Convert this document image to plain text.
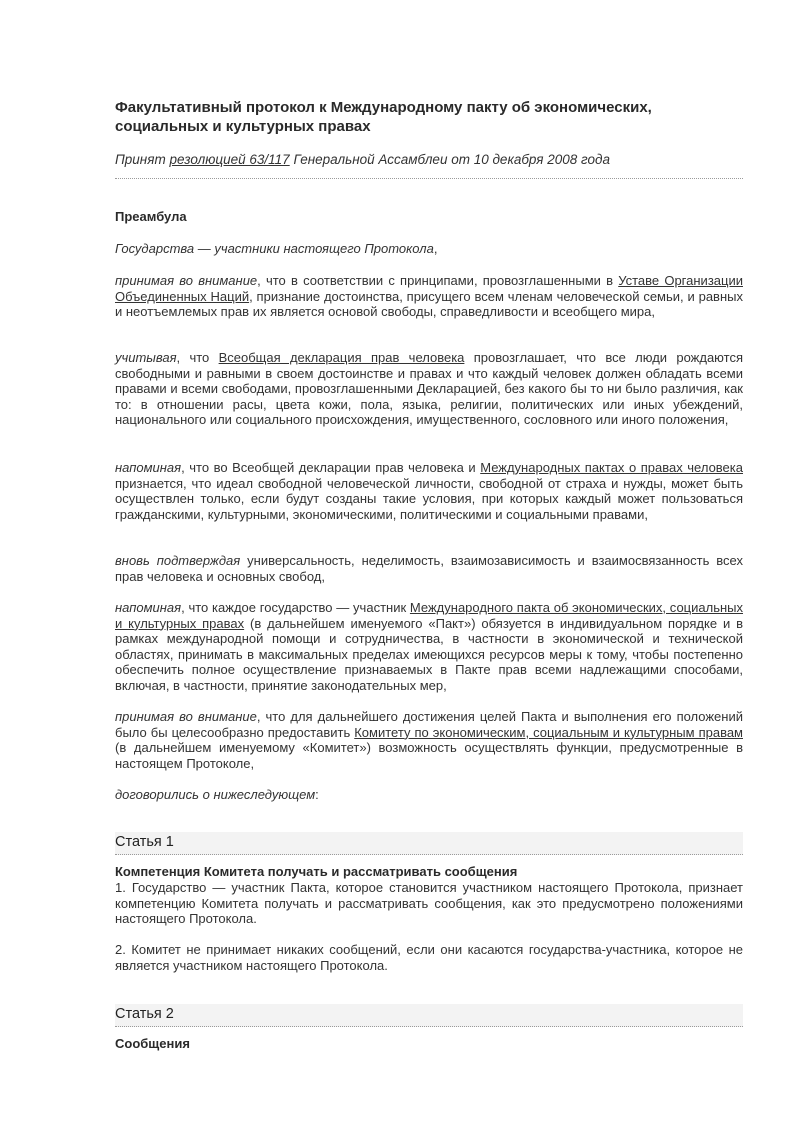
Факультативный протокол к Международному пакту об экономических, социальных и культурных правах
Принят резолюцией 63/117 Генеральной Ассамблеи от 10 декабря 2008 года
Преамбула
Государства — участники настоящего Протокола,
принимая во внимание, что в соответствии с принципами, провозглашенными в Уставе Организации Объединенных Наций, признание достоинства, присущего всем членам человеческой семьи, и равных и неотъемлемых прав их является основой свободы, справедливости и всеобщего мира,
учитывая, что Всеобщая декларация прав человека провозглашает, что все люди рождаются свободными и равными в своем достоинстве и правах и что каждый человек должен обладать всеми правами и всеми свободами, провозглашенными Декларацией, без какого бы то ни было различия, как то: в отношении расы, цвета кожи, пола, языка, религии, политических или иных убеждений, национального или социального происхождения, имущественного, сословного или иного положения,
напоминая, что во Всеобщей декларации прав человека и Международных пактах о правах человека признается, что идеал свободной человеческой личности, свободной от страха и нужды, может быть осуществлен только, если будут созданы такие условия, при которых каждый может пользоваться гражданскими, культурными, экономическими, политическими и социальными правами,
вновь подтверждая универсальность, неделимость, взаимозависимость и взаимосвязанность всех прав человека и основных свобод,
напоминая, что каждое государство — участник Международного пакта об экономических, социальных и культурных правах (в дальнейшем именуемого «Пакт») обязуется в индивидуальном порядке и в рамках международной помощи и сотрудничества, в частности в экономической и технической областях, принимать в максимальных пределах имеющихся ресурсов меры к тому, чтобы постепенно обеспечить полное осуществление признаваемых в Пакте прав всеми надлежащими способами, включая, в частности, принятие законодательных мер,
принимая во внимание, что для дальнейшего достижения целей Пакта и выполнения его положений было бы целесообразно предоставить Комитету по экономическим, социальным и культурным правам (в дальнейшем именуемому «Комитет») возможность осуществлять функции, предусмотренные в настоящем Протоколе,
договорились о нижеследующем:
Статья 1
Компетенция Комитета получать и рассматривать сообщения
1. Государство — участник Пакта, которое становится участником настоящего Протокола, признает компетенцию Комитета получать и рассматривать сообщения, как это предусмотрено положениями настоящего Протокола.
2. Комитет не принимает никаких сообщений, если они касаются государства-участника, которое не является участником настоящего Протокола.
Статья 2
Сообщения
